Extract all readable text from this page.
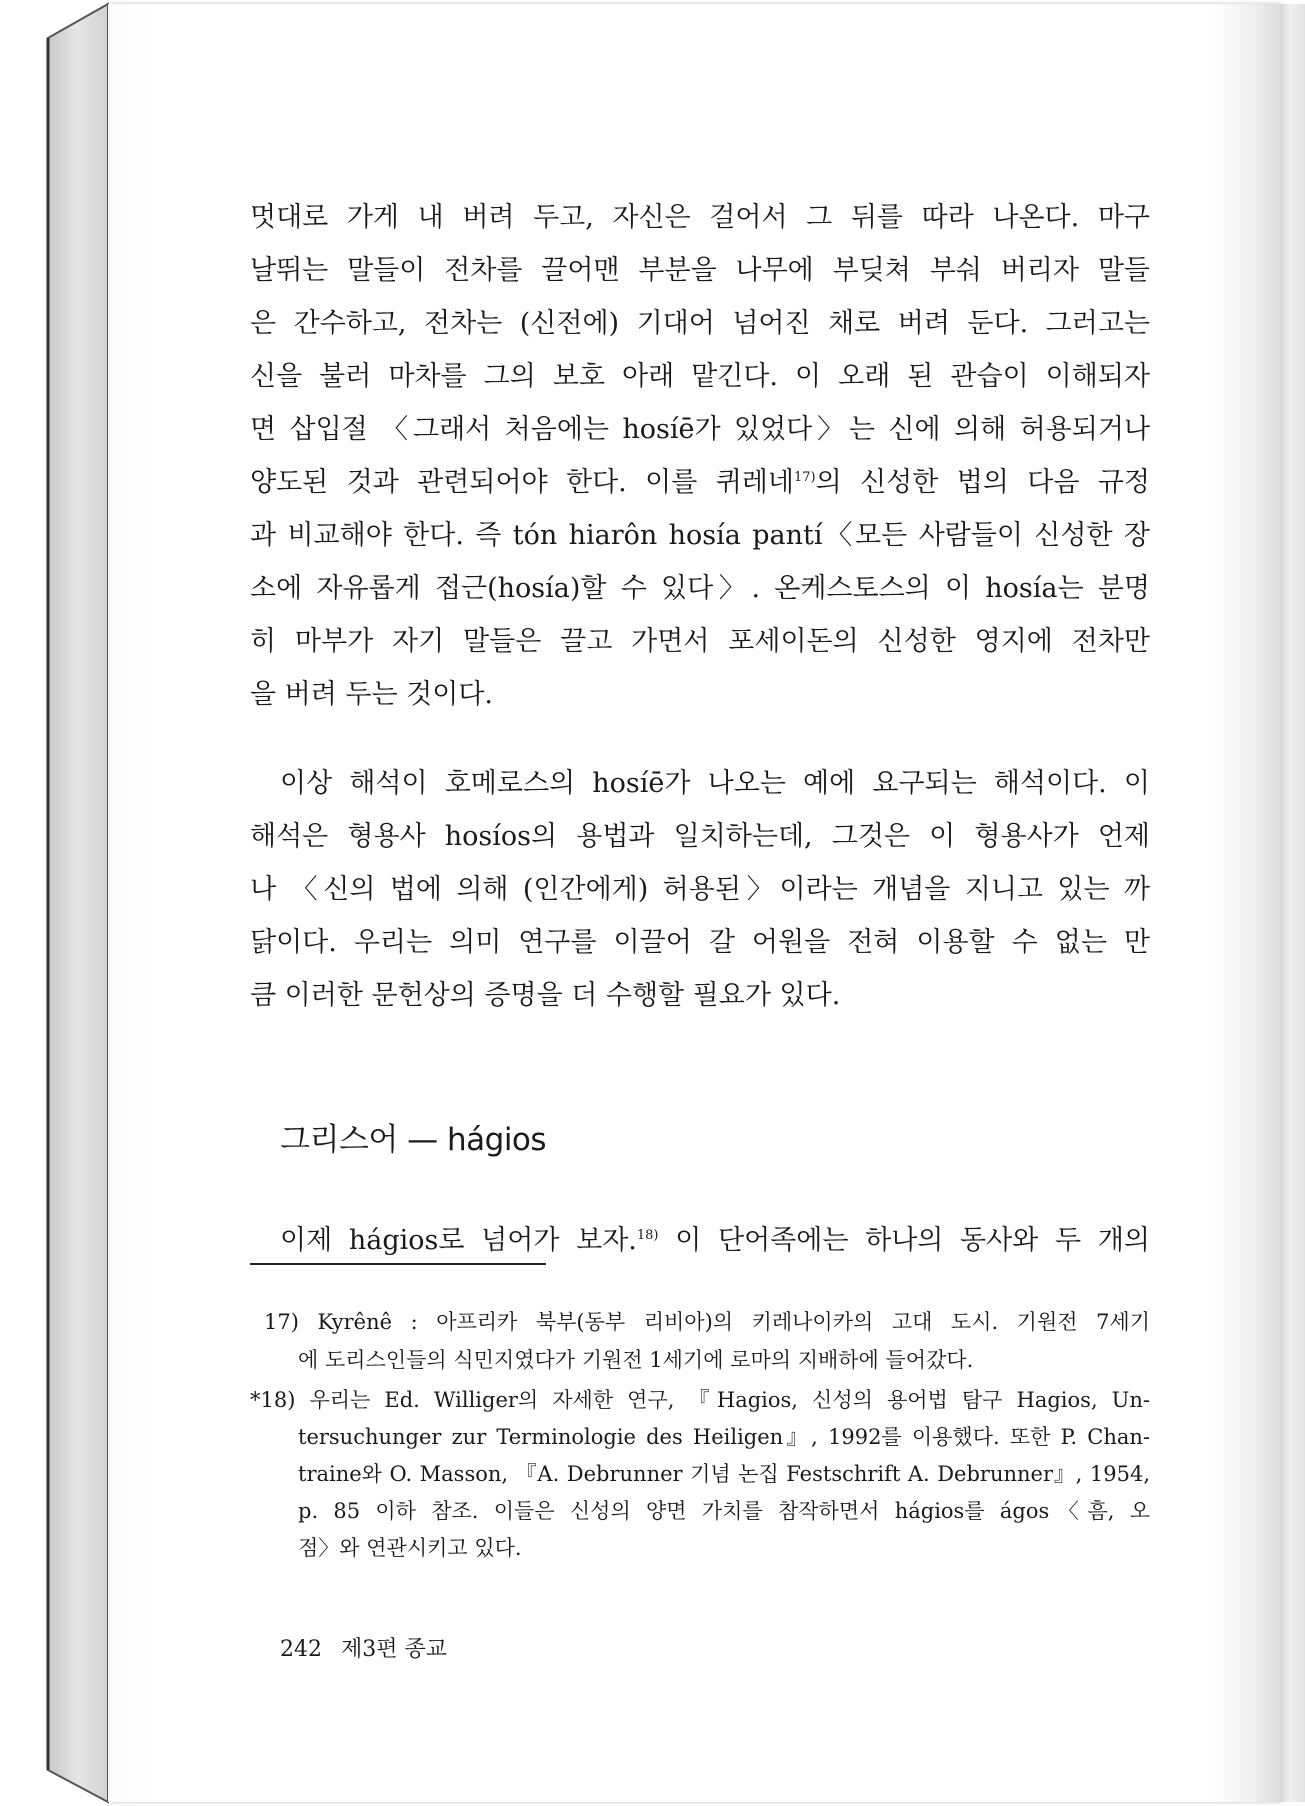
멋대로 가게 내 버려 두고, 자신은 걸어서 그 뒤를 따라 나온다. 마구
날뛰는 말들이 전차를 끌어맨 부분을 나무에 부딪쳐 부숴 버리자 말들
은 간수하고, 전차는 (신전에) 기대어 넘어진 채로 버려 둔다. 그러고는
신을 불러 마차를 그의 보호 아래 맡긴다. 이 오래 된 관습이 이해되자
면 삽입절 〈그래서 처음에는 hosíē가 있었다〉는 신에 의해 허용되거나
양도된 것과 관련되어야 한다. 이를 퀴레네$^{17)}$의 신성한 법의 다음 규정
과 비교해야 한다. 즉 tón hiarôn hosía pantí〈모든 사람들이 신성한 장
소에 자유롭게 접근(hosía)할 수 있다〉. 온케스토스의 이 hosía는 분명
히 마부가 자기 말들은 끌고 가면서 포세이돈의 신성한 영지에 전차만
을 버려 두는 것이다.
이상 해석이 호메로스의 hosíē가 나오는 예에 요구되는 해석이다. 이
해석은 형용사 hosíos의 용법과 일치하는데, 그것은 이 형용사가 언제
나 〈신의 법에 의해 (인간에게) 허용된〉이라는 개념을 지니고 있는 까
닭이다. 우리는 의미 연구를 이끌어 갈 어원을 전혀 이용할 수 없는 만
큼 이러한 문헌상의 증명을 더 수행할 필요가 있다.
그리스어 — hágios
이제 hágios로 넘어가 보자.$^{18)}$ 이 단어족에는 하나의 동사와 두 개의
17) Kyrênê : 아프리카 북부(동부 리비아)의 키레나이카의 고대 도시. 기원전 7세기
에 도리스인들의 식민지였다가 기원전 1세기에 로마의 지배하에 들어갔다.
*18) 우리는 Ed. Williger의 자세한 연구, 『Hagios, 신성의 용어법 탐구 Hagios, Un-
tersuchunger zur Terminologie des Heiligen』, 1992를 이용했다. 또한 P. Chan-
traine와 O. Masson, 『A. Debrunner 기념 논집 Festschrift A. Debrunner』, 1954,
p. 85 이하 참조. 이들은 신성의 양면 가치를 참작하면서 hágios를 ágos〈흠, 오
점〉와 연관시키고 있다.
242 제3편 종교
